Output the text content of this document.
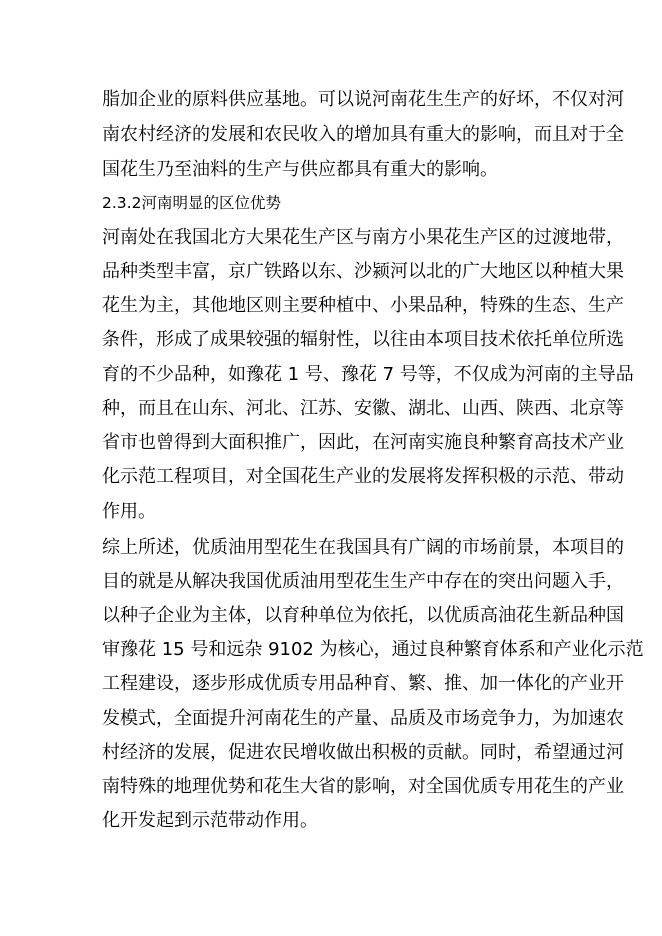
脂加企业的原料供应基地。可以说河南花生生产的好坏，不仅对河
南农村经济的发展和农民收入的增加具有重大的影响，而且对于全
国花生乃至油料的生产与供应都具有重大的影响。
2.3.2河南明显的区位优势
河南处在我国北方大果花生产区与南方小果花生产区的过渡地带，
品种类型丰富，京广铁路以东、沙颍河以北的广大地区以种植大果
花生为主，其他地区则主要种植中、小果品种，特殊的生态、生产
条件，形成了成果较强的辐射性，以往由本项目技术依托单位所选
育的不少品种，如豫花 1 号、豫花 7 号等，不仅成为河南的主导品
种，而且在山东、河北、江苏、安徽、湖北、山西、陕西、北京等
省市也曾得到大面积推广，因此，在河南实施良种繁育高技术产业
化示范工程项目，对全国花生产业的发展将发挥积极的示范、带动
作用。
综上所述，优质油用型花生在我国具有广阔的市场前景，本项目的
目的就是从解决我国优质油用型花生生产中存在的突出问题入手，
以种子企业为主体，以育种单位为依托，以优质高油花生新品种国
审豫花 15 号和远杂 9102 为核心，通过良种繁育体系和产业化示范
工程建设，逐步形成优质专用品种育、繁、推、加一体化的产业开
发模式，全面提升河南花生的产量、品质及市场竞争力，为加速农
村经济的发展，促进农民增收做出积极的贡献。同时，希望通过河
南特殊的地理优势和花生大省的影响，对全国优质专用花生的产业
化开发起到示范带动作用。
